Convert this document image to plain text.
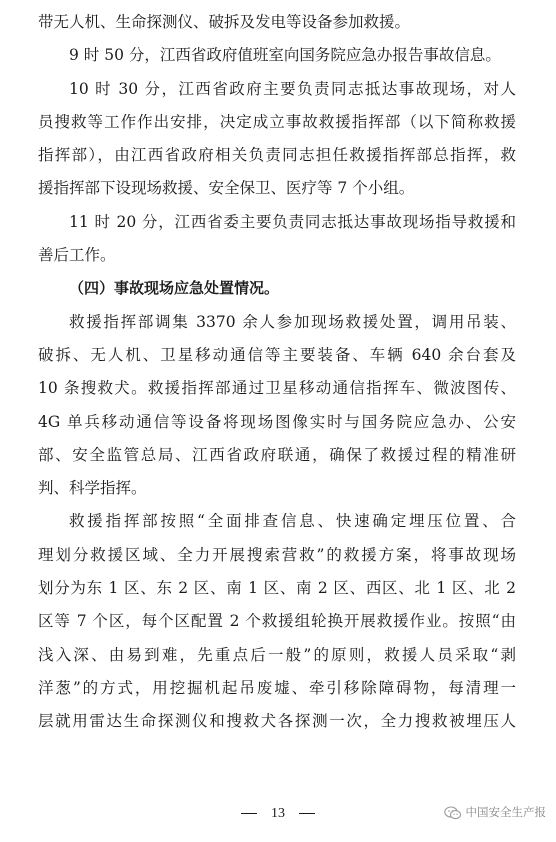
带无人机、生命探测仪、破拆及发电等设备参加救援。
9 时 50 分，江西省政府值班室向国务院应急办报告事故信息。
10 时 30 分，江西省政府主要负责同志抵达事故现场，对人
员搜救等工作作出安排，决定成立事故救援指挥部（以下简称救援
指挥部），由江西省政府相关负责同志担任救援指挥部总指挥，救
援指挥部下设现场救援、安全保卫、医疗等 7 个小组。
11 时 20 分，江西省委主要负责同志抵达事故现场指导救援和
善后工作。
（四）事故现场应急处置情况。
救援指挥部调集 3370 余人参加现场救援处置，调用吊装、
破拆、无人机、卫星移动通信等主要装备、车辆 640 余台套及
10 条搜救犬。救援指挥部通过卫星移动通信指挥车、微波图传、
4G 单兵移动通信等设备将现场图像实时与国务院应急办、公安
部、安全监管总局、江西省政府联通，确保了救援过程的精准研
判、科学指挥。
救援指挥部按照“全面排查信息、快速确定埋压位置、合
理划分救援区域、全力开展搜索营救”的救援方案，将事故现场
划分为东 1 区、东 2 区、南 1 区、南 2 区、西区、北 1 区、北 2
区等 7 个区，每个区配置 2 个救援组轮换开展救援作业。按照“由
浅入深、由易到难，先重点后一般”的原则，救援人员采取“剥
洋葱”的方式，用挖掘机起吊废墟、牵引移除障碍物，每清理一
层就用雷达生命探测仪和搜救犬各探测一次，全力搜救被埋压人
13	中国安全生产报
